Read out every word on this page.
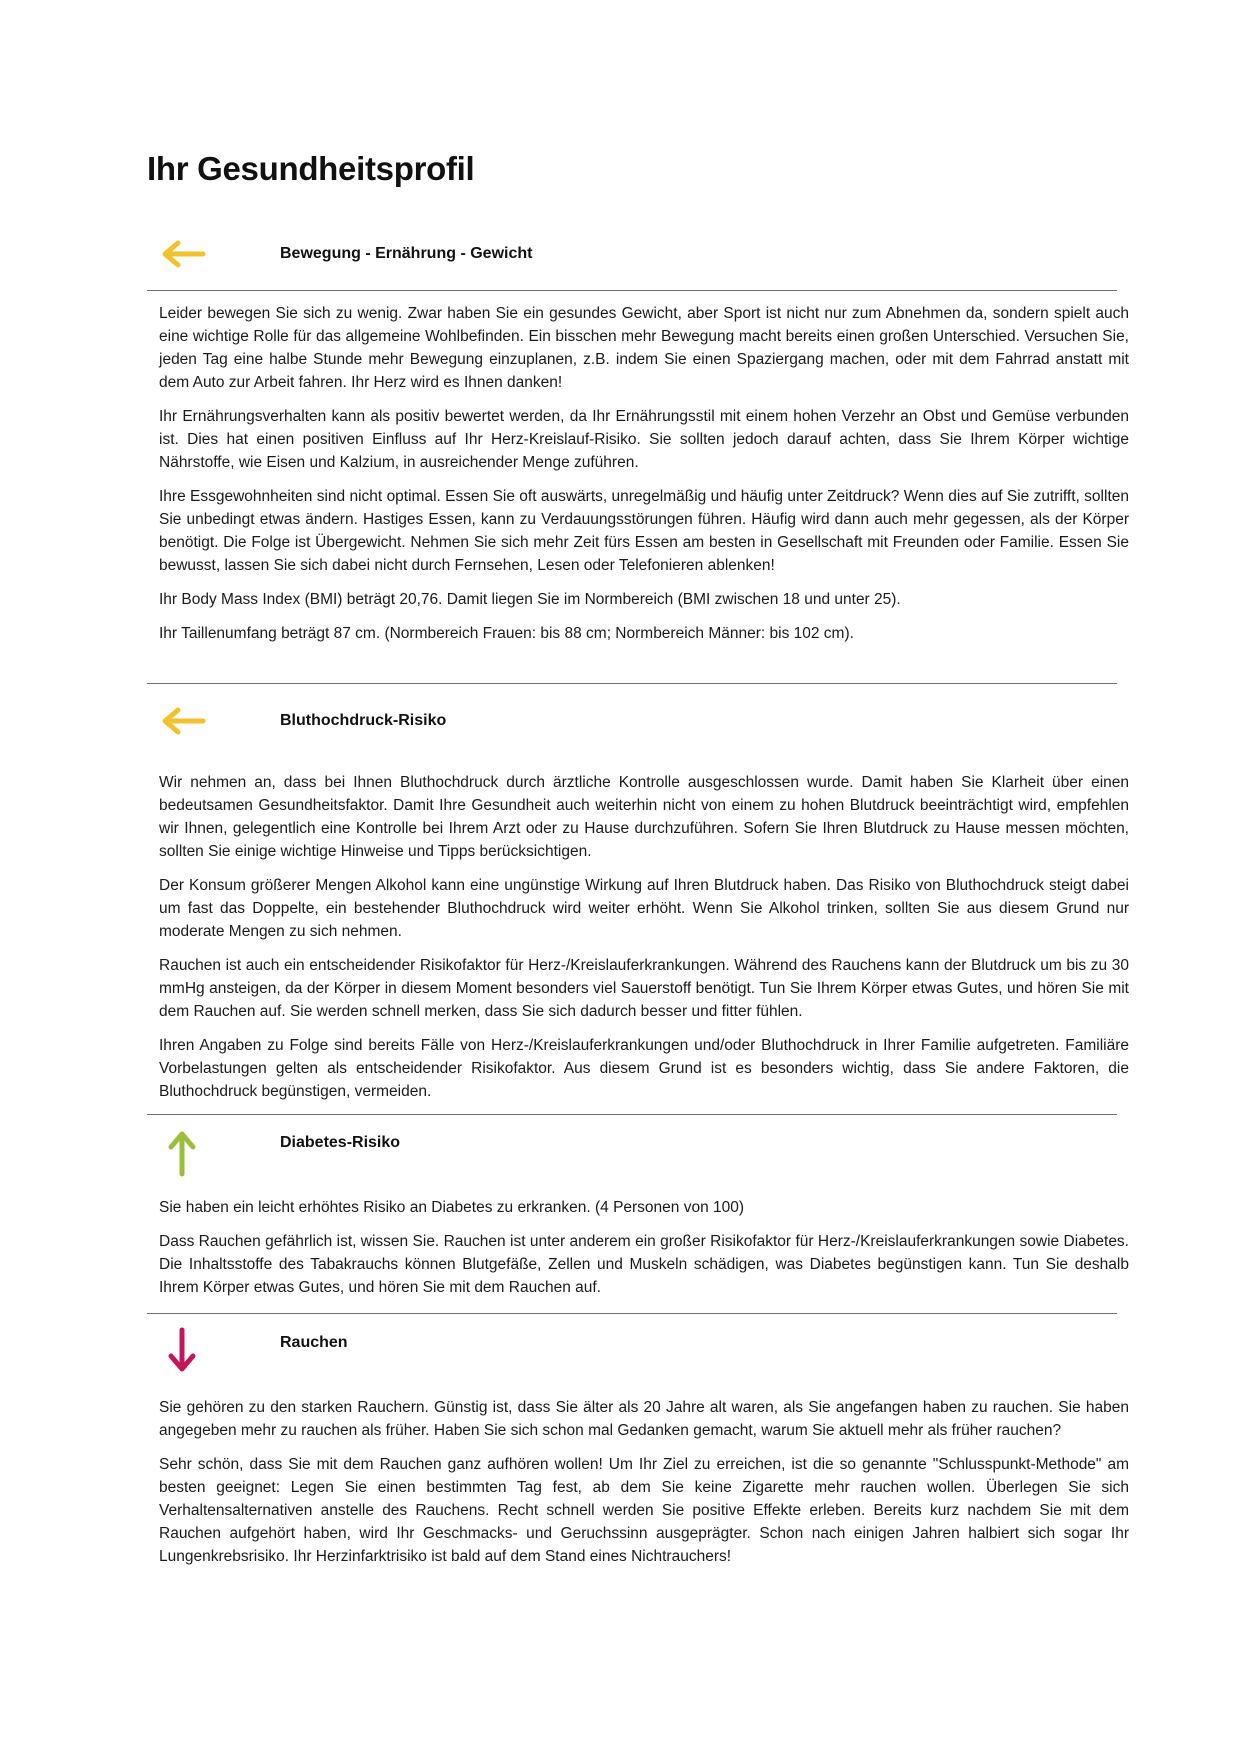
Ihr Gesundheitsprofil
Bewegung - Ernährung - Gewicht

Leider bewegen Sie sich zu wenig. Zwar haben Sie ein gesundes Gewicht, aber Sport ist nicht nur zum Abnehmen da, sondern spielt auch eine wichtige Rolle für das allgemeine Wohlbefinden. Ein bisschen mehr Bewegung macht bereits einen großen Unterschied. Versuchen Sie, jeden Tag eine halbe Stunde mehr Bewegung einzuplanen, z.B. indem Sie einen Spaziergang machen, oder mit dem Fahrrad anstatt mit dem Auto zur Arbeit fahren. Ihr Herz wird es Ihnen danken!

Ihr Ernährungsverhalten kann als positiv bewertet werden, da Ihr Ernährungsstil mit einem hohen Verzehr an Obst und Gemüse verbunden ist. Dies hat einen positiven Einfluss auf Ihr Herz-Kreislauf-Risiko. Sie sollten jedoch darauf achten, dass Sie Ihrem Körper wichtige Nährstoffe, wie Eisen und Kalzium, in ausreichender Menge zuführen.

Ihre Essgewohnheiten sind nicht optimal. Essen Sie oft auswärts, unregelmäßig und häufig unter Zeitdruck? Wenn dies auf Sie zutrifft, sollten Sie unbedingt etwas ändern. Hastiges Essen, kann zu Verdauungsstörungen führen. Häufig wird dann auch mehr gegessen, als der Körper benötigt. Die Folge ist Übergewicht. Nehmen Sie sich mehr Zeit fürs Essen am besten in Gesellschaft mit Freunden oder Familie. Essen Sie bewusst, lassen Sie sich dabei nicht durch Fernsehen, Lesen oder Telefonieren ablenken!

Ihr Body Mass Index (BMI) beträgt 20,76. Damit liegen Sie im Normbereich (BMI zwischen 18 und unter 25).

Ihr Taillenumfang beträgt 87 cm. (Normbereich Frauen: bis 88 cm; Normbereich Männer: bis 102 cm).

Bluthochdruck-Risiko

Wir nehmen an, dass bei Ihnen Bluthochdruck durch ärztliche Kontrolle ausgeschlossen wurde. Damit haben Sie Klarheit über einen bedeutsamen Gesundheitsfaktor. Damit Ihre Gesundheit auch weiterhin nicht von einem zu hohen Blutdruck beeinträchtigt wird, empfehlen wir Ihnen, gelegentlich eine Kontrolle bei Ihrem Arzt oder zu Hause durchzuführen. Sofern Sie Ihren Blutdruck zu Hause messen möchten, sollten Sie einige wichtige Hinweise und Tipps berücksichtigen.

Der Konsum größerer Mengen Alkohol kann eine ungünstige Wirkung auf Ihren Blutdruck haben. Das Risiko von Bluthochdruck steigt dabei um fast das Doppelte, ein bestehender Bluthochdruck wird weiter erhöht. Wenn Sie Alkohol trinken, sollten Sie aus diesem Grund nur moderate Mengen zu sich nehmen.

Rauchen ist auch ein entscheidender Risikofaktor für Herz-/Kreislauferkrankungen. Während des Rauchens kann der Blutdruck um bis zu 30 mmHg ansteigen, da der Körper in diesem Moment besonders viel Sauerstoff benötigt. Tun Sie Ihrem Körper etwas Gutes, und hören Sie mit dem Rauchen auf. Sie werden schnell merken, dass Sie sich dadurch besser und fitter fühlen.

Ihren Angaben zu Folge sind bereits Fälle von Herz-/Kreislauferkrankungen und/oder Bluthochdruck in Ihrer Familie aufgetreten. Familiäre Vorbelastungen gelten als entscheidender Risikofaktor. Aus diesem Grund ist es besonders wichtig, dass Sie andere Faktoren, die Bluthochdruck begünstigen, vermeiden.

Diabetes-Risiko

Sie haben ein leicht erhöhtes Risiko an Diabetes zu erkranken. (4 Personen von 100)

Dass Rauchen gefährlich ist, wissen Sie. Rauchen ist unter anderem ein großer Risikofaktor für Herz-/Kreislauferkrankungen sowie Diabetes. Die Inhaltsstoffe des Tabakrauchs können Blutgefäße, Zellen und Muskeln schädigen, was Diabetes begünstigen kann. Tun Sie deshalb Ihrem Körper etwas Gutes, und hören Sie mit dem Rauchen auf.

Rauchen

Sie gehören zu den starken Rauchern. Günstig ist, dass Sie älter als 20 Jahre alt waren, als Sie angefangen haben zu rauchen. Sie haben angegeben mehr zu rauchen als früher. Haben Sie sich schon mal Gedanken gemacht, warum Sie aktuell mehr als früher rauchen?

Sehr schön, dass Sie mit dem Rauchen ganz aufhören wollen! Um Ihr Ziel zu erreichen, ist die so genannte "Schlusspunkt-Methode" am besten geeignet: Legen Sie einen bestimmten Tag fest, ab dem Sie keine Zigarette mehr rauchen wollen. Überlegen Sie sich Verhaltensalternativen anstelle des Rauchens. Recht schnell werden Sie positive Effekte erleben. Bereits kurz nachdem Sie mit dem Rauchen aufgehört haben, wird Ihr Geschmacks- und Geruchssinn ausgeprägter. Schon nach einigen Jahren halbiert sich sogar Ihr Lungenkrebsrisiko. Ihr Herzinfarktrisiko ist bald auf dem Stand eines Nichtrauchers!
